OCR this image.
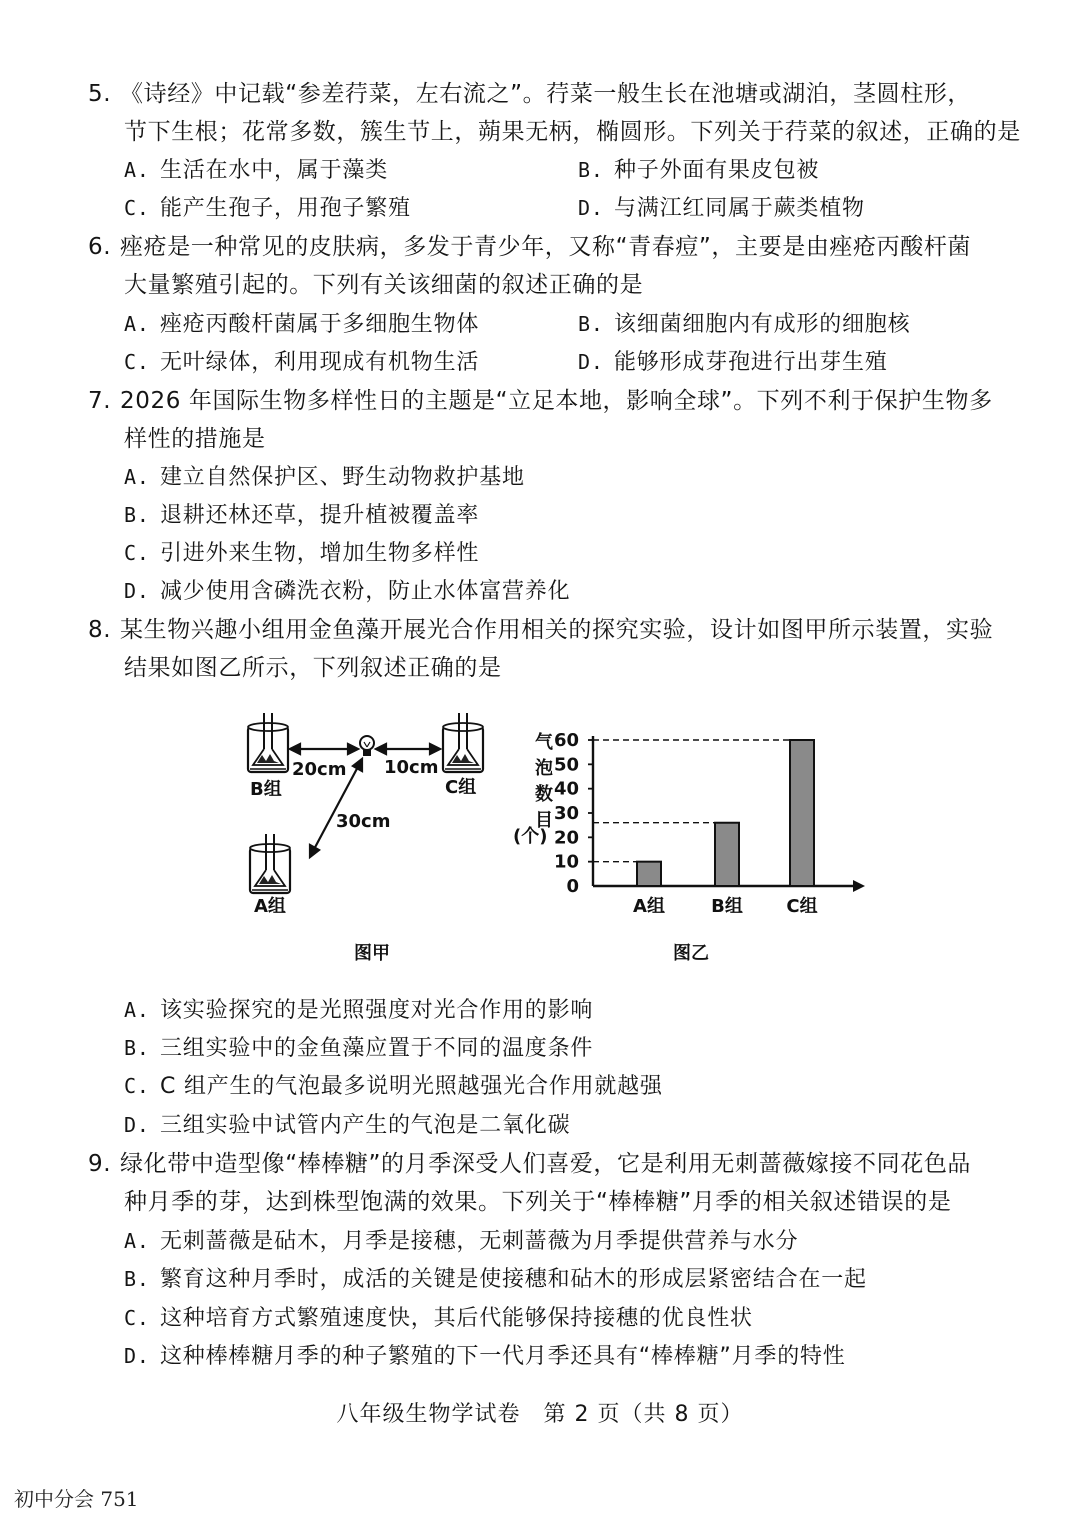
5. 《诗经》中记载“参差荇菜，左右流之”。荇菜一般生长在池塘或湖泊，茎圆柱形，
节下生根；花常多数，簇生节上，蒴果无柄，椭圆形。下列关于荇菜的叙述，正确的是
A. 生活在水中，属于藻类	B. 种子外面有果皮包被
C. 能产生孢子，用孢子繁殖	D. 与满江红同属于蕨类植物
6. 痤疮是一种常见的皮肤病，多发于青少年，又称“青春痘”，主要是由痤疮丙酸杆菌
大量繁殖引起的。下列有关该细菌的叙述正确的是
A. 痤疮丙酸杆菌属于多细胞生物体	B. 该细菌细胞内有成形的细胞核
C. 无叶绿体，利用现成有机物生活	D. 能够形成芽孢进行出芽生殖
7. 2026 年国际生物多样性日的主题是“立足本地，影响全球”。下列不利于保护生物多
样性的措施是
A. 建立自然保护区、野生动物救护基地
B. 退耕还林还草，提升植被覆盖率
C. 引进外来生物，增加生物多样性
D. 减少使用含磷洗衣粉，防止水体富营养化
8. 某生物兴趣小组用金鱼藻开展光合作用相关的探究实验，设计如图甲所示装置，实验
结果如图乙所示，下列叙述正确的是
20cm 10cm
30cm
B组	C组
A组
图甲
气
泡
数
目
(个)
0
10
20
30
40
50
60
A组	B组 C组
图乙
A. 该实验探究的是光照强度对光合作用的影响
B. 三组实验中的金鱼藻应置于不同的温度条件
C. C 组产生的气泡最多说明光照越强光合作用就越强
D. 三组实验中试管内产生的气泡是二氧化碳
9. 绿化带中造型像“棒棒糖”的月季深受人们喜爱，它是利用无刺蔷薇嫁接不同花色品
种月季的芽，达到株型饱满的效果。下列关于“棒棒糖”月季的相关叙述错误的是
A. 无刺蔷薇是砧木，月季是接穗，无刺蔷薇为月季提供营养与水分
B. 繁育这种月季时，成活的关键是使接穗和砧木的形成层紧密结合在一起
C. 这种培育方式繁殖速度快，其后代能够保持接穗的优良性状
D. 这种棒棒糖月季的种子繁殖的下一代月季还具有“棒棒糖”月季的特性
八年级生物学试卷　第 2 页（共 8 页）
初中分会 751
